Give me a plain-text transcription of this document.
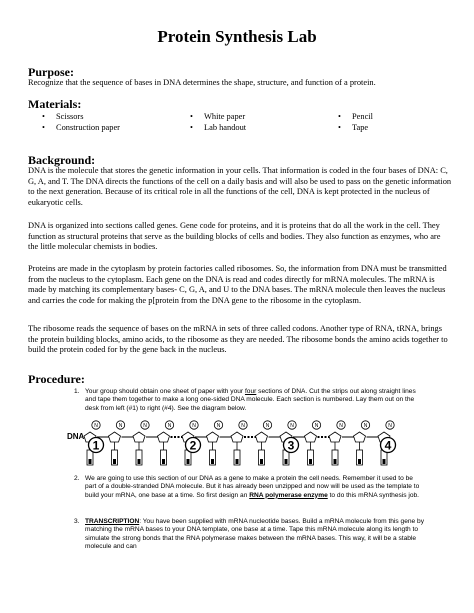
Protein Synthesis Lab

Purpose:

Recognize that the sequence of bases in DNA determines the shape, structure, and function of a protein.

Materials:

• Scissors
• Construction paper
• White paper
• Lab handout
• Pencil
• Tape

Background:

DNA is the molecule that stores the genetic information in your cells. That information is coded in the four bases of DNA: C, G, A, and T. The DNA directs the functions of the cell on a daily basis and will also be used to pass on the genetic information to the next generation. Because of its critical role in all the functions of the cell, DNA is kept protected in the nucleus of eukaryotic cells.

DNA is organized into sections called genes. Gene code for proteins, and it is proteins that do all the work in the cell. They function as structural proteins that serve as the building blocks of cells and bodies. They also function as enzymes, who are the little molecular chemists in bodies.

Proteins are made in the cytoplasm by protein factories called ribosomes. So, the information from DNA must be transmitted from the nucleus to the cytoplasm. Each gene on the DNA is read and codes directly for mRNA molecules. The mRNA is made by matching its complementary bases- C, G, A, and U to the DNA bases. The mRNA molecule then leaves the nucleus and carries the code for making the p[protein from the DNA gene to the ribosome in the cytoplasm.

The ribosome reads the sequence of bases on the mRNA in sets of three called codons. Another type of RNA, tRNA, brings the protein building blocks, amino acids, to the ribosome as they are needed. The ribosome bonds the amino acids together to build the protein coded for by the gene back in the nucleus.

Procedure:

1. Your group should obtain one sheet of paper with your four sections of DNA. Cut the strips out along straight lines and tape them together to make a long one-sided DNA molecule. Each section is numbered. Lay them out on the desk from left (#1) to right (#4). See the diagram below.

DNA
N	N	N	N	N	N	N	N	N	N	N	N	N
1	2	3	4

2. We are going to use this section of our DNA as a gene to make a protein the cell needs. Remember it used to be part of a double-stranded DNA molecule. But it has already been unzipped and now will be used as the template to build your mRNA, one base at a time. So first design an RNA polymerase enzyme to do this mRNA synthesis job.

3. TRANSCRIPTION: You have been supplied with mRNA nucleotide bases. Build a mRNA molecule from this gene by matching the mRNA bases to your DNA template, one base at a time. Tape this mRNA molecule along its length to simulate the strong bonds that the RNA polymerase makes between the mRNA bases. This way, it will be a stable molecule and can
